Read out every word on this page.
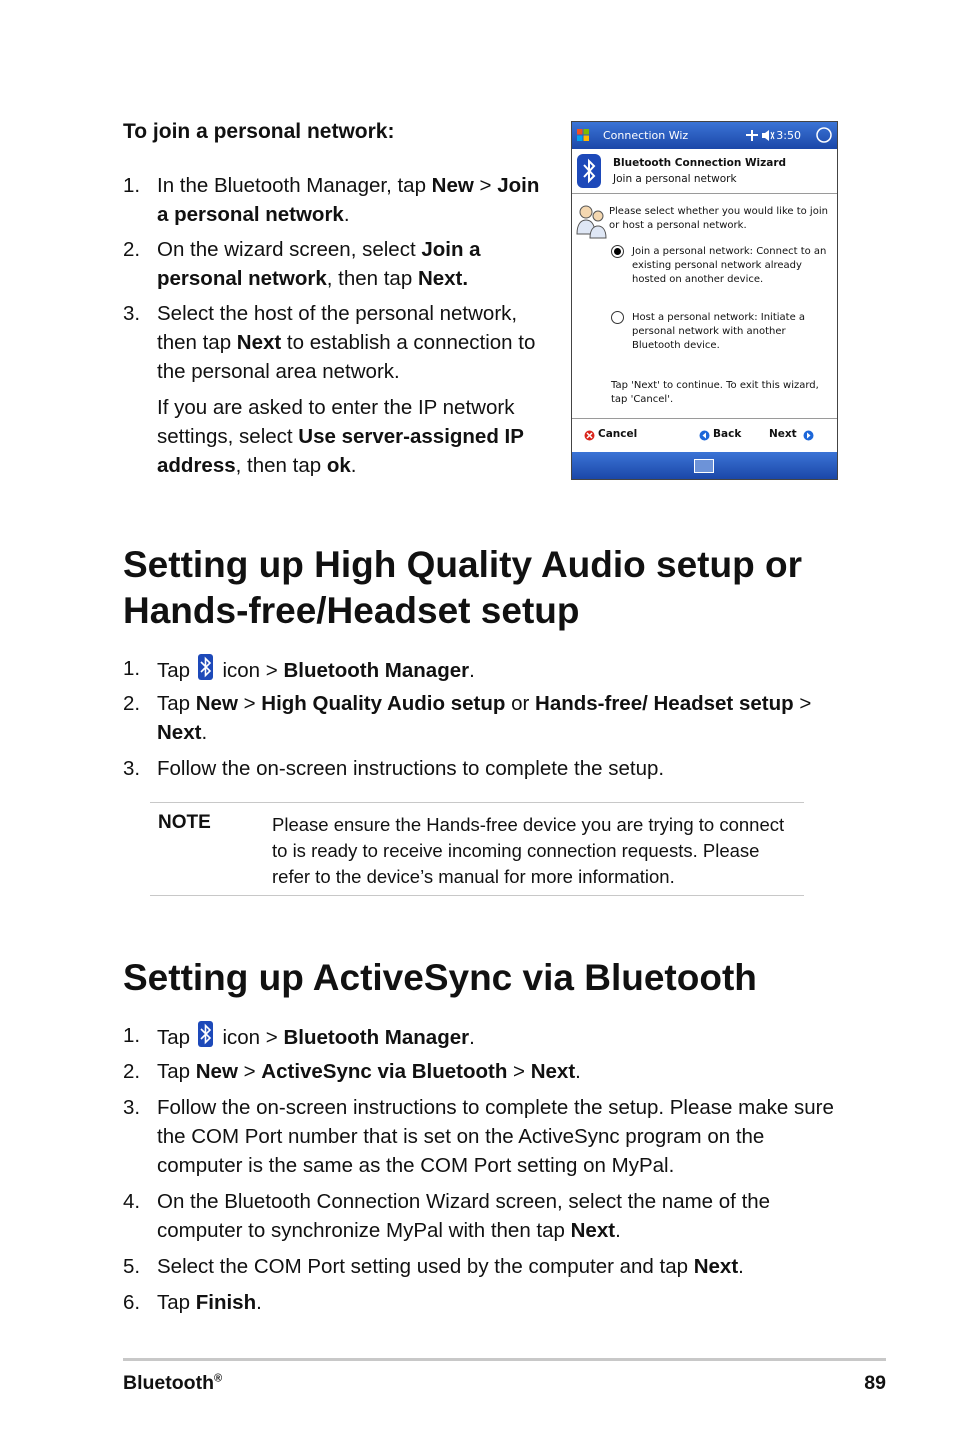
To join a personal network:
1. In the Bluetooth Manager, tap New > Join a personal network.
2. On the wizard screen, select Join a personal network, then tap Next.
3. Select the host of the personal network, then tap Next to establish a connection to the personal area network.
If you are asked to enter the IP network settings, select Use server-assigned IP address, then tap ok.
Connection Wiz	3:50
Bluetooth Connection Wizard
Join a personal network
Please select whether you would like to join or host a personal network.
Join a personal network: Connect to an existing personal network already hosted on another device.
Host a personal network: Initiate a personal network with another Bluetooth device.
Tap 'Next' to continue. To exit this wizard, tap 'Cancel'.
Cancel	Back	Next
Setting up High Quality Audio setup or Hands-free/Headset setup
1. Tap icon > Bluetooth Manager.
2. Tap New > High Quality Audio setup or Hands-free/ Headset setup > Next.
3. Follow the on-screen instructions to complete the setup.
NOTE	Please ensure the Hands-free device you are trying to connect to is ready to receive incoming connection requests. Please refer to the device’s manual for more information.
Setting up ActiveSync via Bluetooth
1. Tap icon > Bluetooth Manager.
2. Tap New > ActiveSync via Bluetooth > Next.
3. Follow the on-screen instructions to complete the setup. Please make sure the COM Port number that is set on the ActiveSync program on the computer is the same as the COM Port setting on MyPal.
4. On the Bluetooth Connection Wizard screen, select the name of the computer to synchronize MyPal with then tap Next.
5. Select the COM Port setting used by the computer and tap Next.
6. Tap Finish.
Bluetooth®	89
